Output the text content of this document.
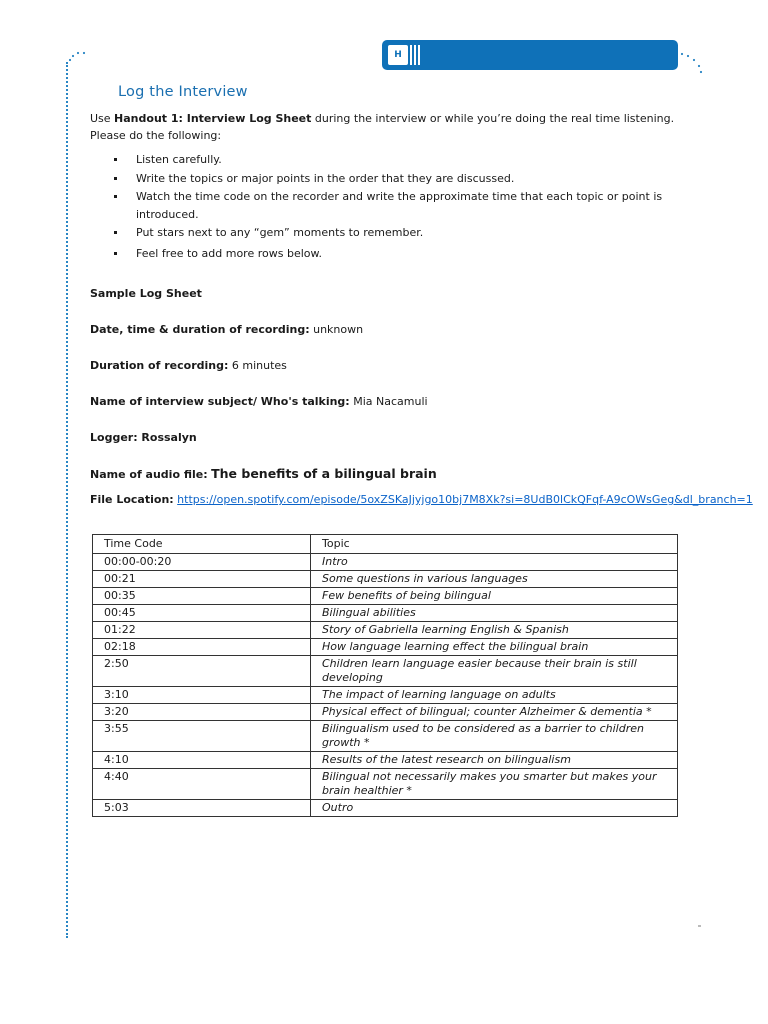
H
Log the Interview
Use Handout 1: Interview Log Sheet during the interview or while you’re doing the real time listening.
Please do the following:
Listen carefully.
Write the topics or major points in the order that they are discussed.
Watch the time code on the recorder and write the approximate time that each topic or point is introduced.
Put stars next to any “gem” moments to remember.
Feel free to add more rows below.
Sample Log Sheet
Date, time & duration of recording: unknown
Duration of recording: 6 minutes
Name of interview subject/ Who's talking: Mia Nacamuli
Logger: Rossalyn
Name of audio file: The benefits of a bilingual brain
File Location: https://open.spotify.com/episode/5oxZSKaJjyjgo10bj7M8Xk?si=8UdB0lCkQFqf-A9cOWsGeg&dl_branch=1
Time Code	Topic
00:00-00:20	Intro
00:21	Some questions in various languages
00:35	Few benefits of being bilingual
00:45	Bilingual abilities
01:22	Story of Gabriella learning English & Spanish
02:18	How language learning effect the bilingual brain
2:50	Children learn language easier because their brain is still developing
3:10	The impact of learning language on adults
3:20	Physical effect of bilingual; counter Alzheimer & dementia *
3:55	Bilingualism used to be considered as a barrier to children growth *
4:10	Results of the latest research on bilingualism
4:40	Bilingual not necessarily makes you smarter but makes your brain healthier *
5:03	Outro
